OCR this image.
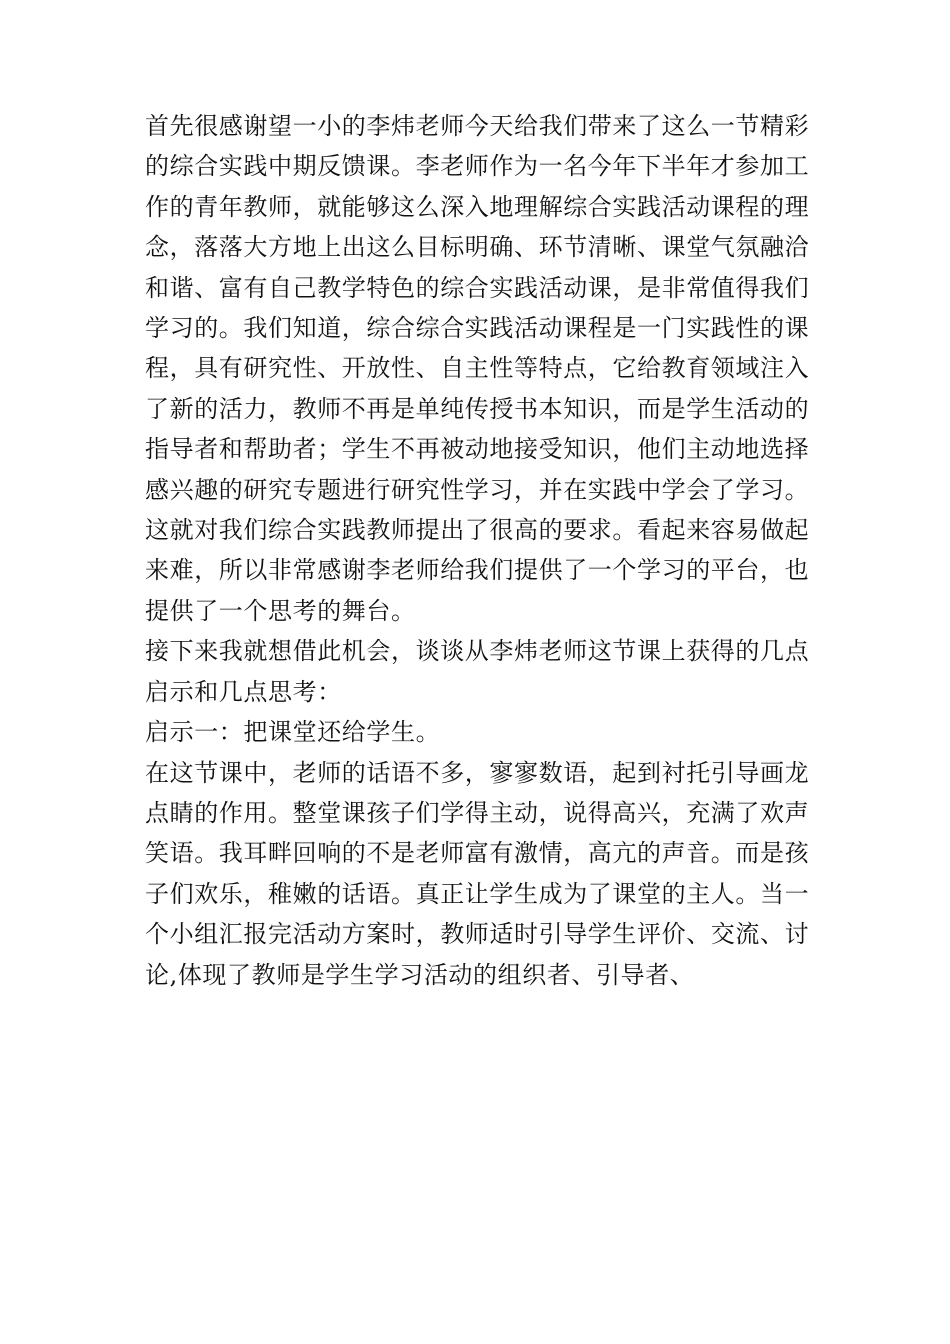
首先很感谢望一小的李炜老师今天给我们带来了这么一节精彩的综合实践中期反馈课。李老师作为一名今年下半年才参加工作的青年教师，就能够这么深入地理解综合实践活动课程的理念，落落大方地上出这么目标明确、环节清晰、课堂气氛融洽和谐、富有自己教学特色的综合实践活动课，是非常值得我们学习的。我们知道，综合综合实践活动课程是一门实践性的课程，具有研究性、开放性、自主性等特点，它给教育领域注入了新的活力，教师不再是单纯传授书本知识，而是学生活动的指导者和帮助者；学生不再被动地接受知识，他们主动地选择感兴趣的研究专题进行研究性学习，并在实践中学会了学习。这就对我们综合实践教师提出了很高的要求。看起来容易做起来难，所以非常感谢李老师给我们提供了一个学习的平台，也提供了一个思考的舞台。

接下来我就想借此机会，谈谈从李炜老师这节课上获得的几点启示和几点思考：

启示一：把课堂还给学生。

在这节课中，老师的话语不多，寥寥数语，起到衬托引导画龙点睛的作用。整堂课孩子们学得主动，说得高兴，充满了欢声笑语。我耳畔回响的不是老师富有激情，高亢的声音。而是孩子们欢乐，稚嫩的话语。真正让学生成为了课堂的主人。当一个小组汇报完活动方案时，教师适时引导学生评价、交流、讨论,体现了教师是学生学习活动的组织者、引导者、
